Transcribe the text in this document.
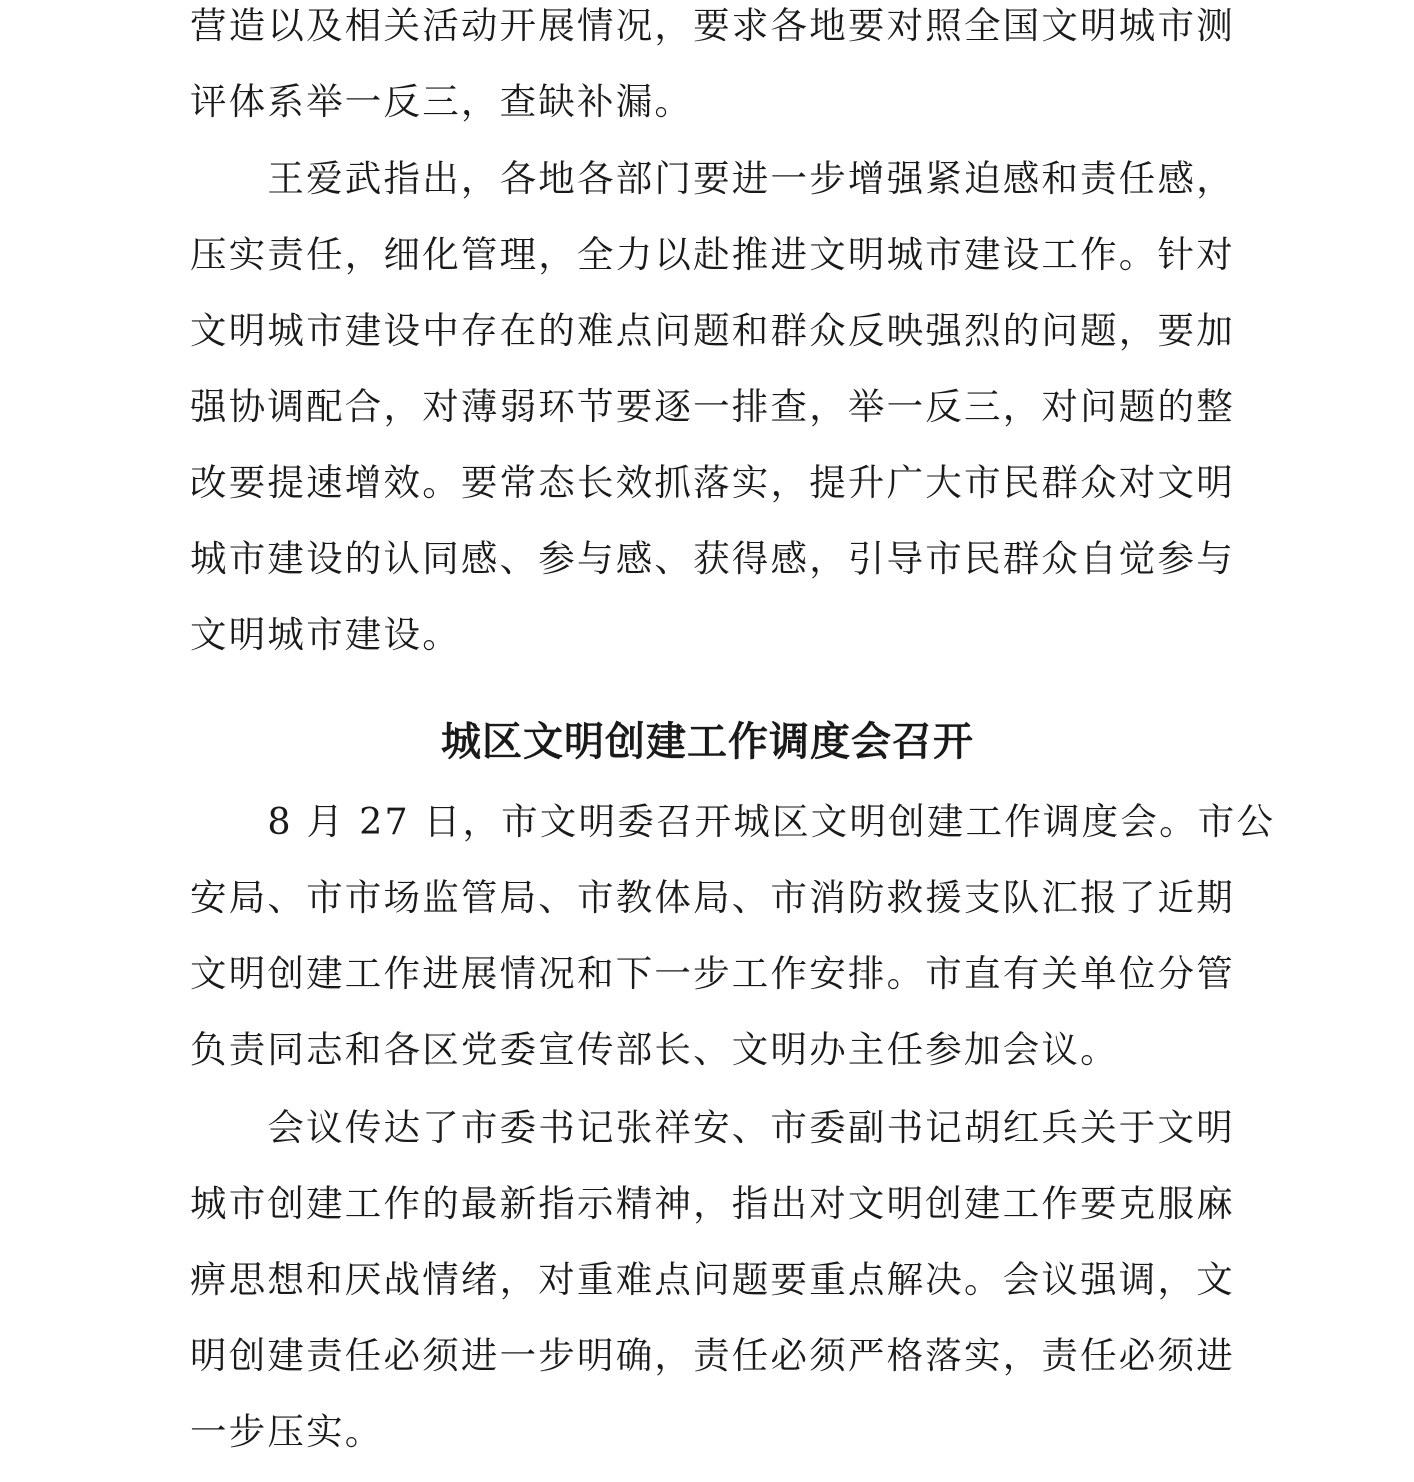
营造以及相关活动开展情况，要求各地要对照全国文明城市测
评体系举一反三，查缺补漏。
　　王爱武指出，各地各部门要进一步增强紧迫感和责任感，
压实责任，细化管理，全力以赴推进文明城市建设工作。针对
文明城市建设中存在的难点问题和群众反映强烈的问题，要加
强协调配合，对薄弱环节要逐一排查，举一反三，对问题的整
改要提速增效。要常态长效抓落实，提升广大市民群众对文明
城市建设的认同感、参与感、获得感，引导市民群众自觉参与
文明城市建设。
城区文明创建工作调度会召开
　　8 月 27 日，市文明委召开城区文明创建工作调度会。市公
安局、市市场监管局、市教体局、市消防救援支队汇报了近期
文明创建工作进展情况和下一步工作安排。市直有关单位分管
负责同志和各区党委宣传部长、文明办主任参加会议。
　　会议传达了市委书记张祥安、市委副书记胡红兵关于文明
城市创建工作的最新指示精神，指出对文明创建工作要克服麻
痹思想和厌战情绪，对重难点问题要重点解决。会议强调，文
明创建责任必须进一步明确，责任必须严格落实，责任必须进
一步压实。
